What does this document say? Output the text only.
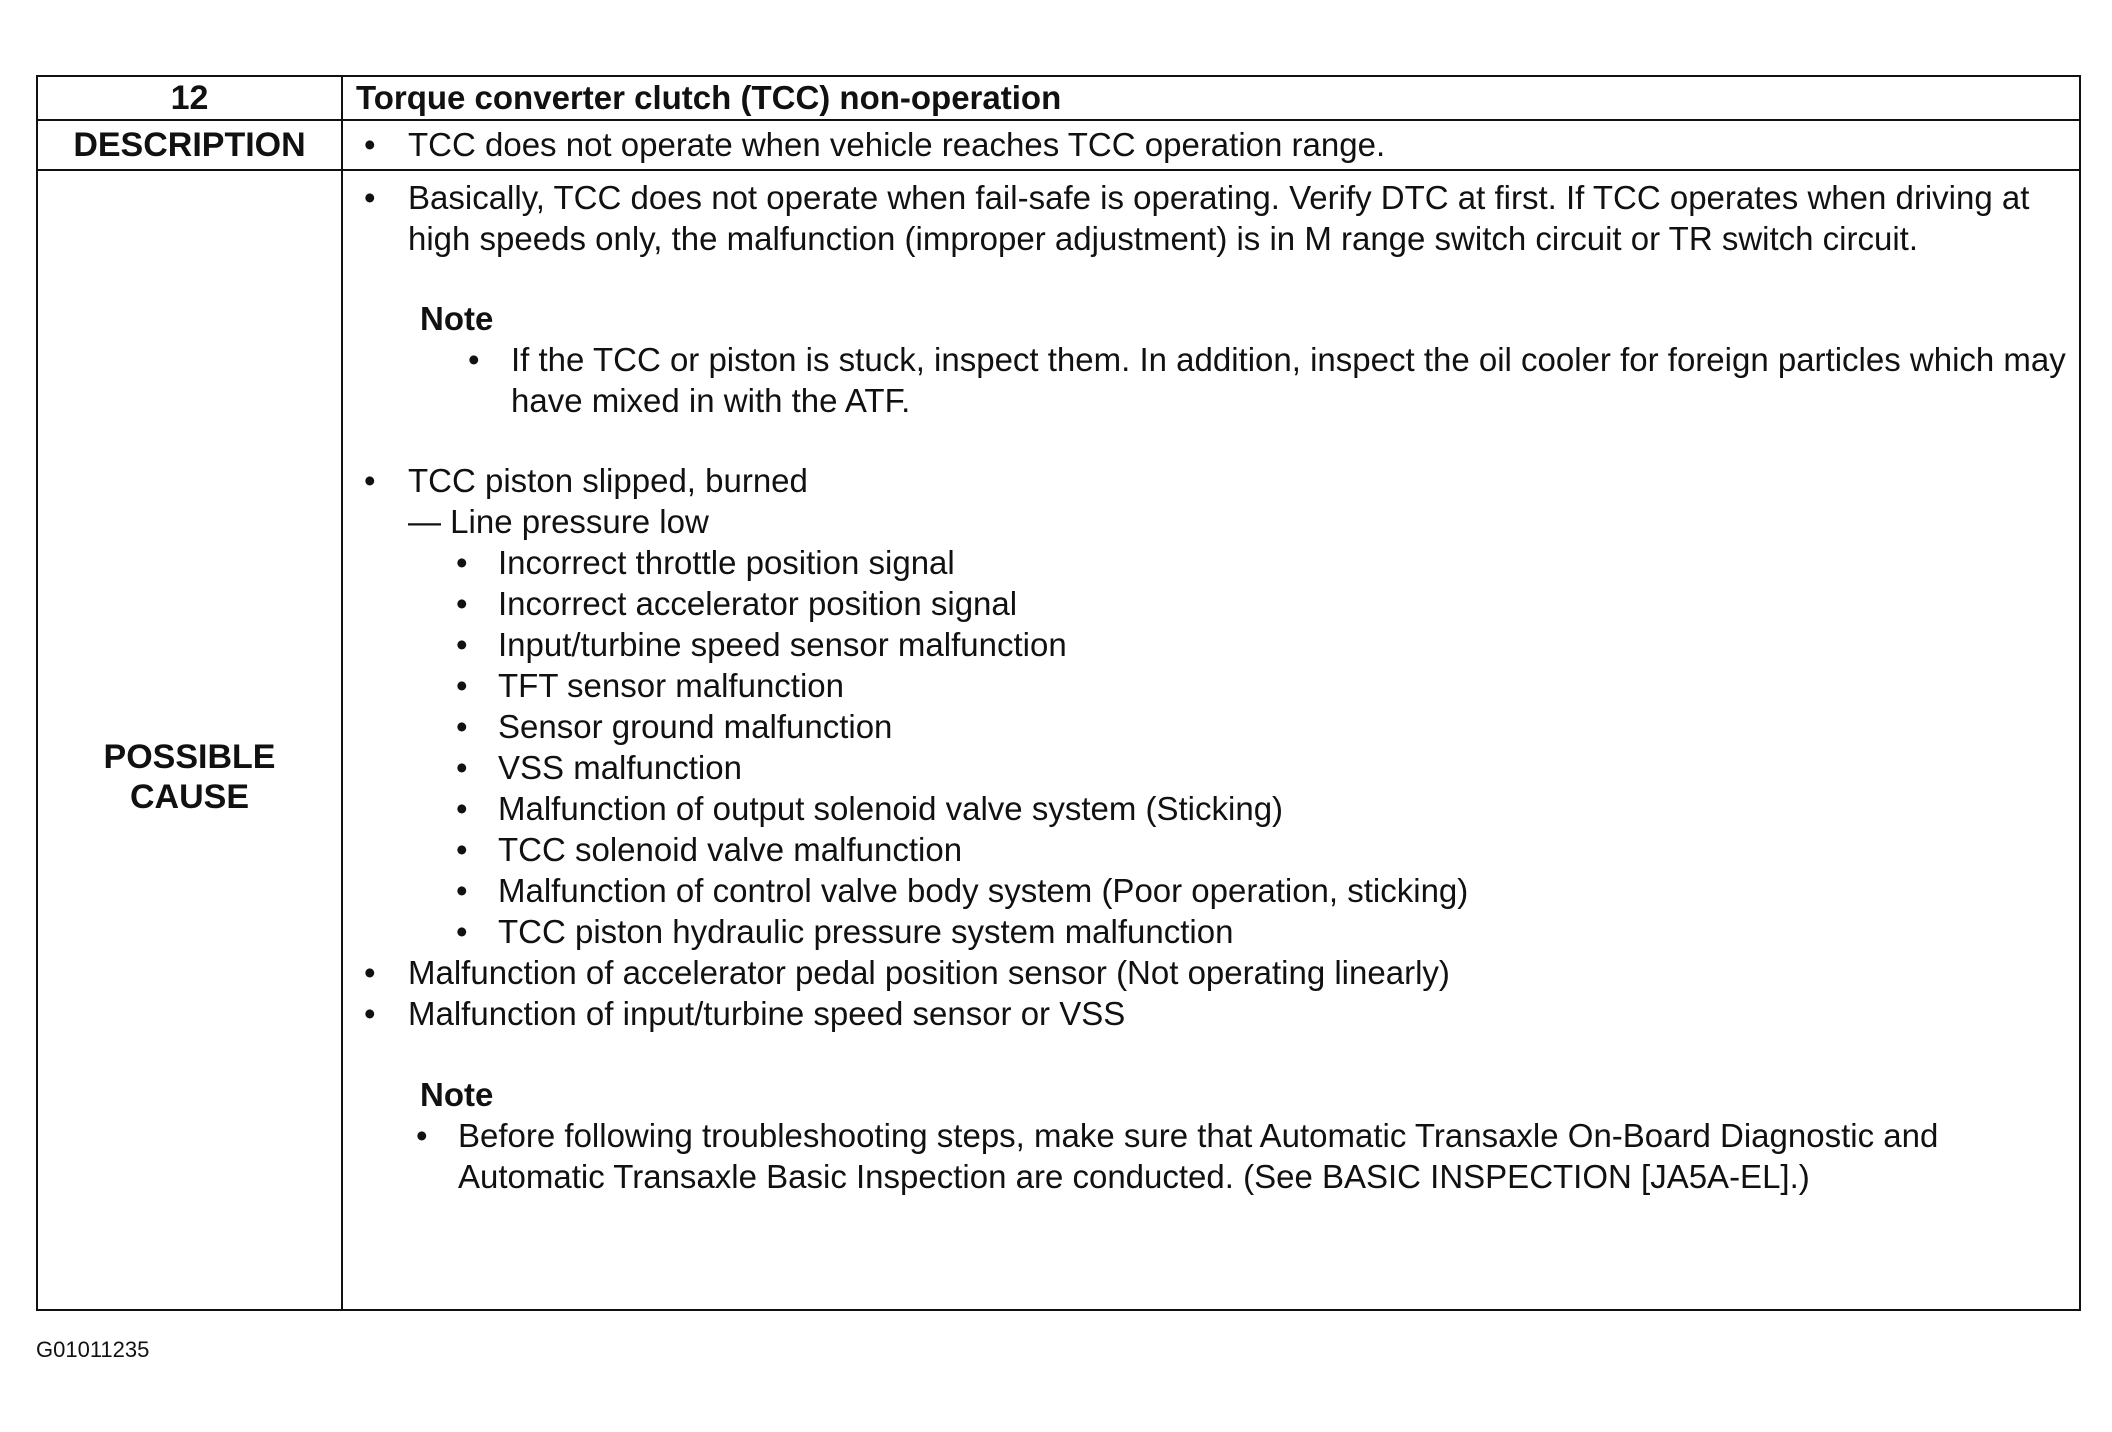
12
DESCRIPTION
POSSIBLE
CAUSE
Torque converter clutch (TCC) non-operation
• TCC does not operate when vehicle reaches TCC operation range.
• Basically, TCC does not operate when fail-safe is operating. Verify DTC at first. If TCC operates when driving at high speeds only, the malfunction (improper adjustment) is in M range switch circuit or TR switch circuit.
Note
• If the TCC or piston is stuck, inspect them. In addition, inspect the oil cooler for foreign particles which may have mixed in with the ATF.
• TCC piston slipped, burned
— Line pressure low
• Incorrect throttle position signal
• Incorrect accelerator position signal
• Input/turbine speed sensor malfunction
• TFT sensor malfunction
• Sensor ground malfunction
• VSS malfunction
• Malfunction of output solenoid valve system (Sticking)
• TCC solenoid valve malfunction
• Malfunction of control valve body system (Poor operation, sticking)
• TCC piston hydraulic pressure system malfunction
• Malfunction of accelerator pedal position sensor (Not operating linearly)
• Malfunction of input/turbine speed sensor or VSS
Note
• Before following troubleshooting steps, make sure that Automatic Transaxle On-Board Diagnostic and Automatic Transaxle Basic Inspection are conducted. (See BASIC INSPECTION [JA5A-EL].)
G01011235
